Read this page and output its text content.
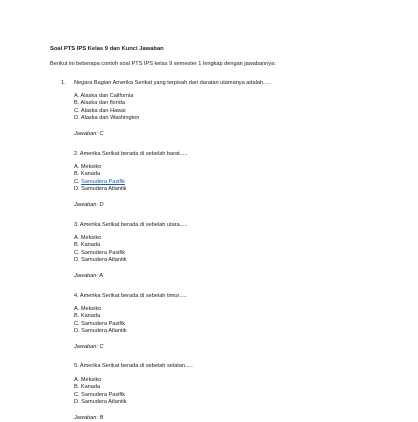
Soal PTS IPS Kelas 9 dan Kunci Jawaban
Berikut ini beberapa contoh soal PTS IPS kelas 9 semester 1 lengkap dengan jawabannya:
1. Negara Bagian Amerika Serikat yang terpisah dari daratan utamanya adalah.....
A. Alaska dan California
B. Alaska dan florida
C. Alaska dan Hawai
D. Alaska dan Washington
Jawaban: C
2. Amerika Serikat berada di sebelah barat.....
A. Meksiko
B. Kanada
C. Samudera Pasifik
D. Samudera Atlantik
Jawaban: D
3. Amerika Serikat berada di sebelah utara.....
A. Meksiko
B. Kanada
C. Samudera Pasifik
D. Samudera Atlantik
Jawaban: A
4. Amerika Serikat berada di sebelah timur.....
A. Meksiko
B. Kanada
C. Samudera Pasifik
D. Samudera Atlantik
Jawaban: C
5. Amerika Serikat berada di sebelah selatan.....
A. Meksiko
B. Kanada
C. Samudera Pasifik
D. Samudera Atlantik
Jawaban: B
